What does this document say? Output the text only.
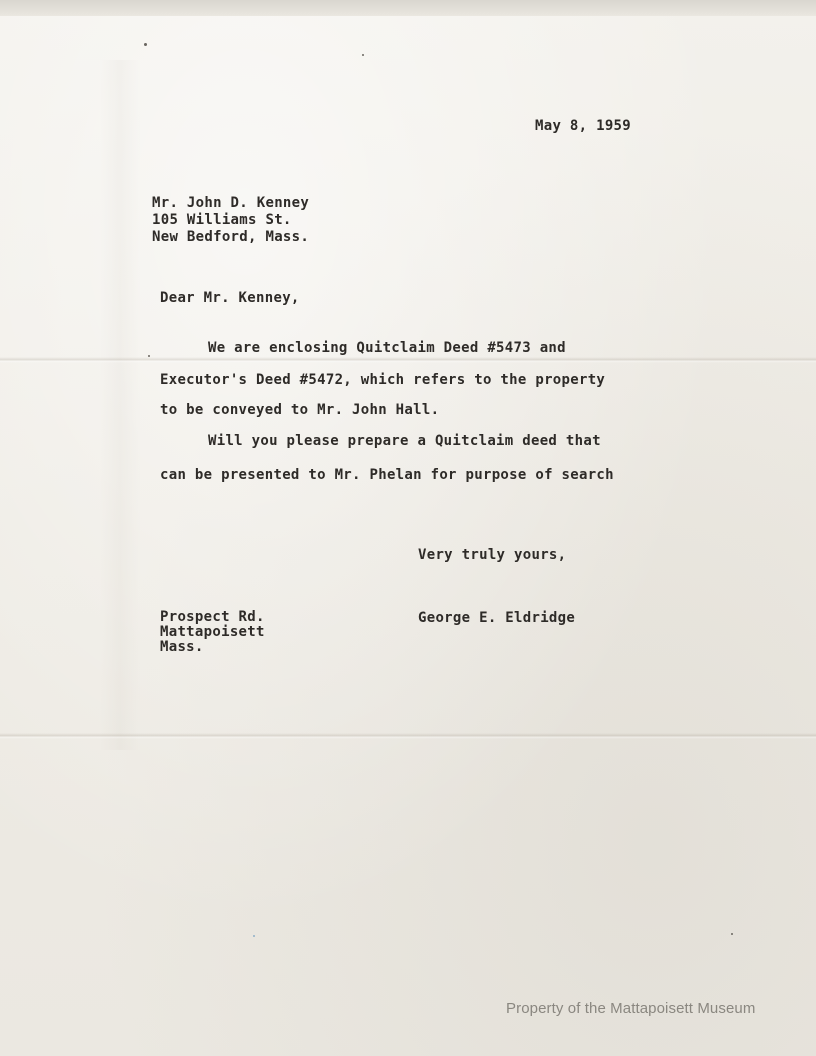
May 8, 1959
Mr. John D. Kenney
105 Williams St.
New Bedford, Mass.
Dear Mr. Kenney,
We are enclosing Quitclaim Deed #5473 and
Executor's Deed #5472, which refers to the property
to be conveyed to Mr. John Hall.
Will you please prepare a Quitclaim deed that
can be presented to Mr. Phelan for purpose of search
Very truly yours,
Prospect Rd.
Mattapoisett
Mass.
George E. Eldridge
Property of the Mattapoisett Museum
